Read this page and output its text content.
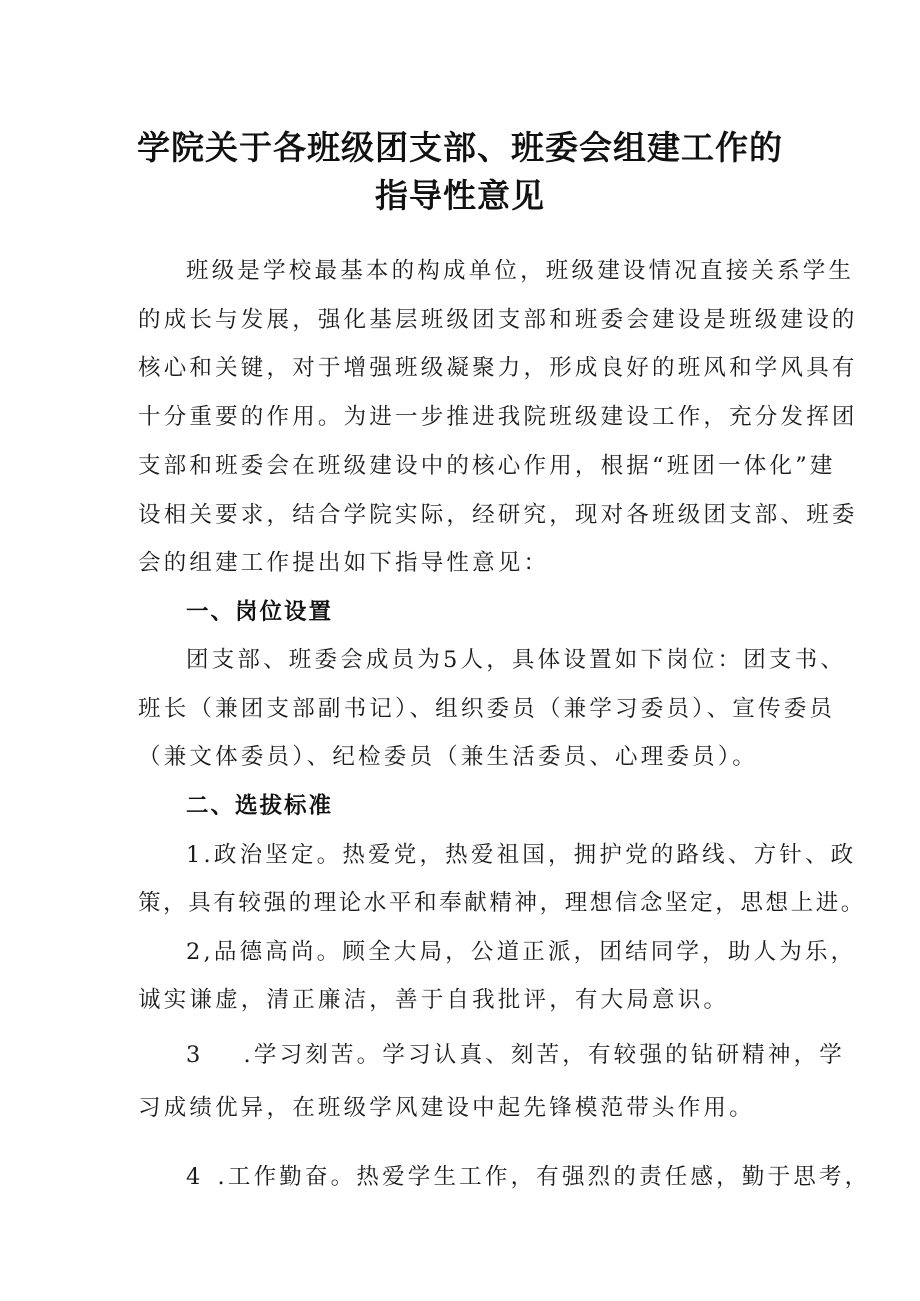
学院关于各班级团支部、班委会组建工作的
指导性意见

班级是学校最基本的构成单位，班级建设情况直接关系学生

的成长与发展，强化基层班级团支部和班委会建设是班级建设的

核心和关键，对于增强班级凝聚力，形成良好的班风和学风具有

十分重要的作用。为进一步推进我院班级建设工作，充分发挥团

支部和班委会在班级建设中的核心作用，根据“班团一体化”建

设相关要求，结合学院实际，经研究，现对各班级团支部、班委

会的组建工作提出如下指导性意见：

一、岗位设置

团支部、班委会成员为5人，具体设置如下岗位：团支书、

班长（兼团支部副书记）、组织委员（兼学习委员）、宣传委员

（兼文体委员）、纪检委员（兼生活委员、心理委员）。

二、选拔标准

1.政治坚定。热爱党，热爱祖国，拥护党的路线、方针、政

策，具有较强的理论水平和奉献精神，理想信念坚定，思想上进。

2,品德高尚。顾全大局，公道正派，团结同学，助人为乐，

诚实谦虚，清正廉洁，善于自我批评，有大局意识。

3 .学习刻苦。学习认真、刻苦，有较强的钻研精神，学

习成绩优异，在班级学风建设中起先锋模范带头作用。

4 .工作勤奋。热爱学生工作，有强烈的责任感，勤于思考，
